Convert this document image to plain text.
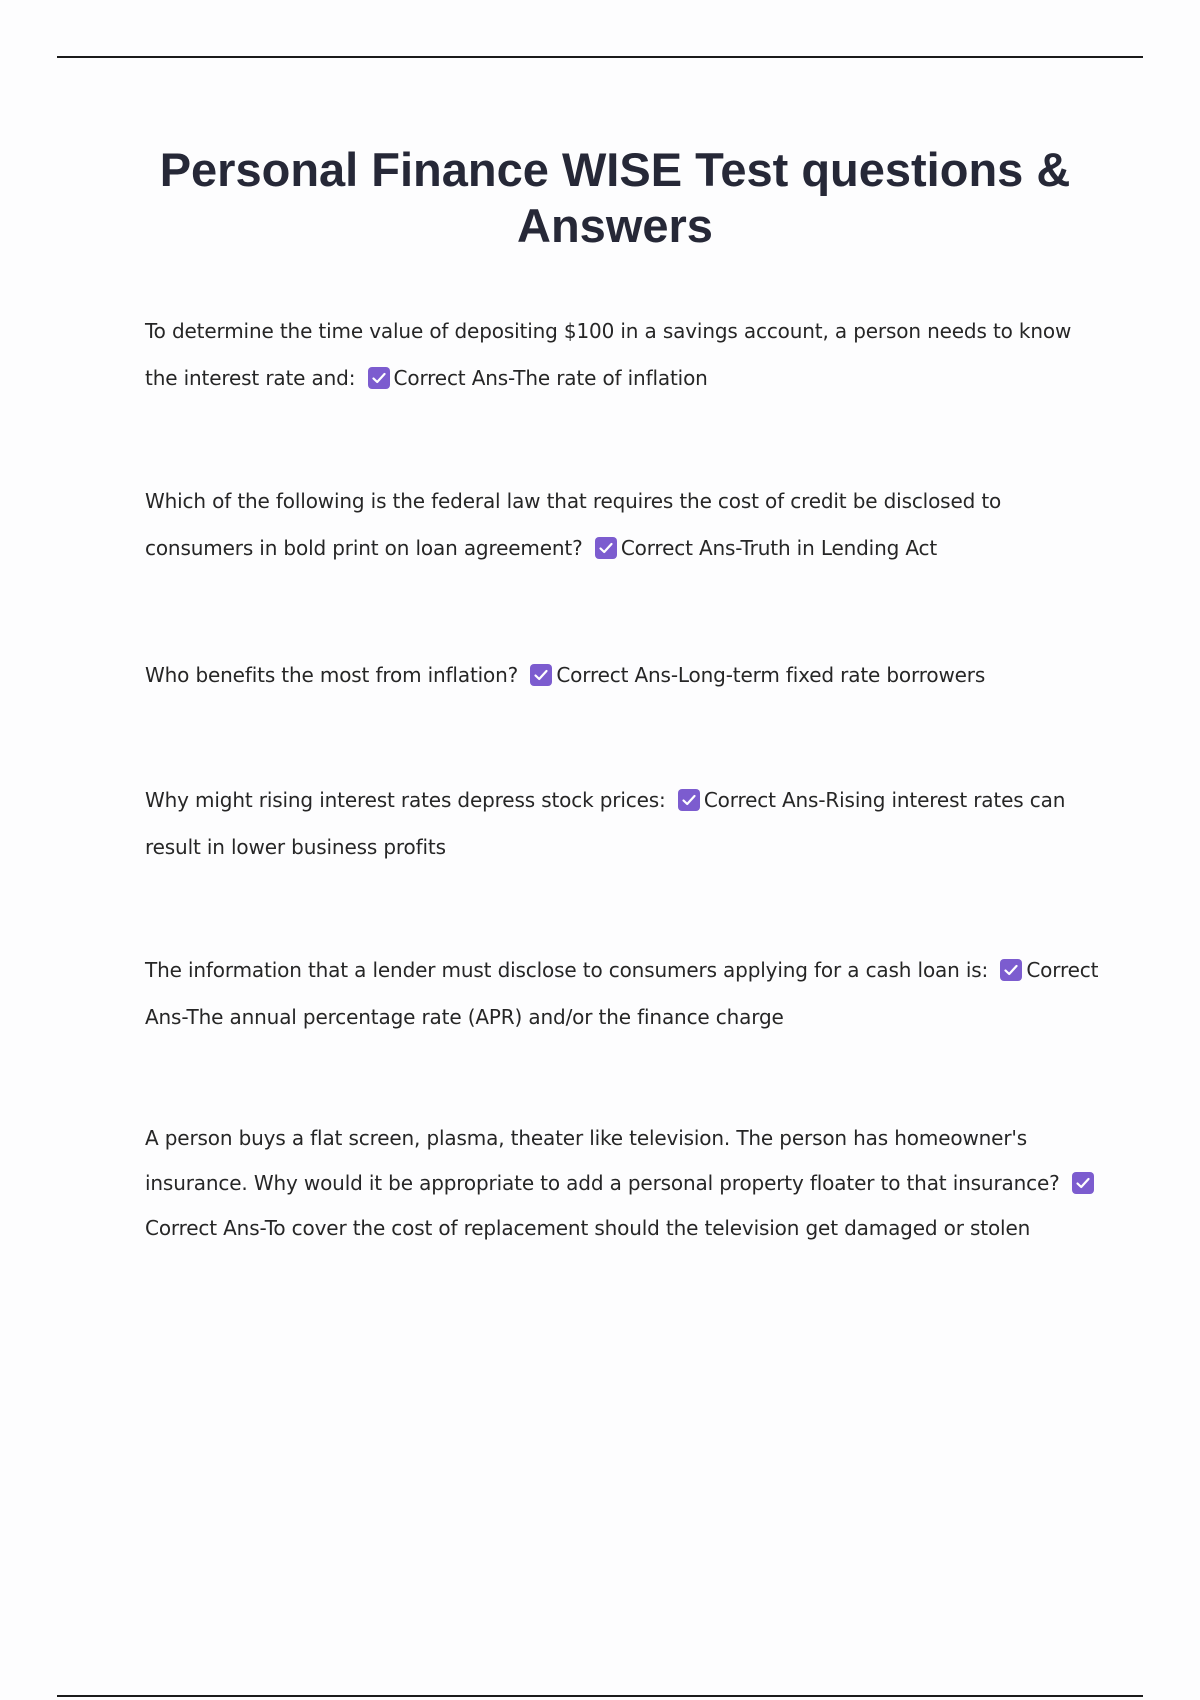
Personal Finance WISE Test questions & Answers

To determine the time value of depositing $100 in a savings account, a person needs to know the interest rate and: Correct Ans-The rate of inflation

Which of the following is the federal law that requires the cost of credit be disclosed to consumers in bold print on loan agreement? Correct Ans-Truth in Lending Act

Who benefits the most from inflation? Correct Ans-Long-term fixed rate borrowers

Why might rising interest rates depress stock prices: Correct Ans-Rising interest rates can result in lower business profits

The information that a lender must disclose to consumers applying for a cash loan is: Correct Ans-The annual percentage rate (APR) and/or the finance charge

A person buys a flat screen, plasma, theater like television. The person has homeowner's insurance. Why would it be appropriate to add a personal property floater to that insurance?
Correct Ans-To cover the cost of replacement should the television get damaged or stolen
